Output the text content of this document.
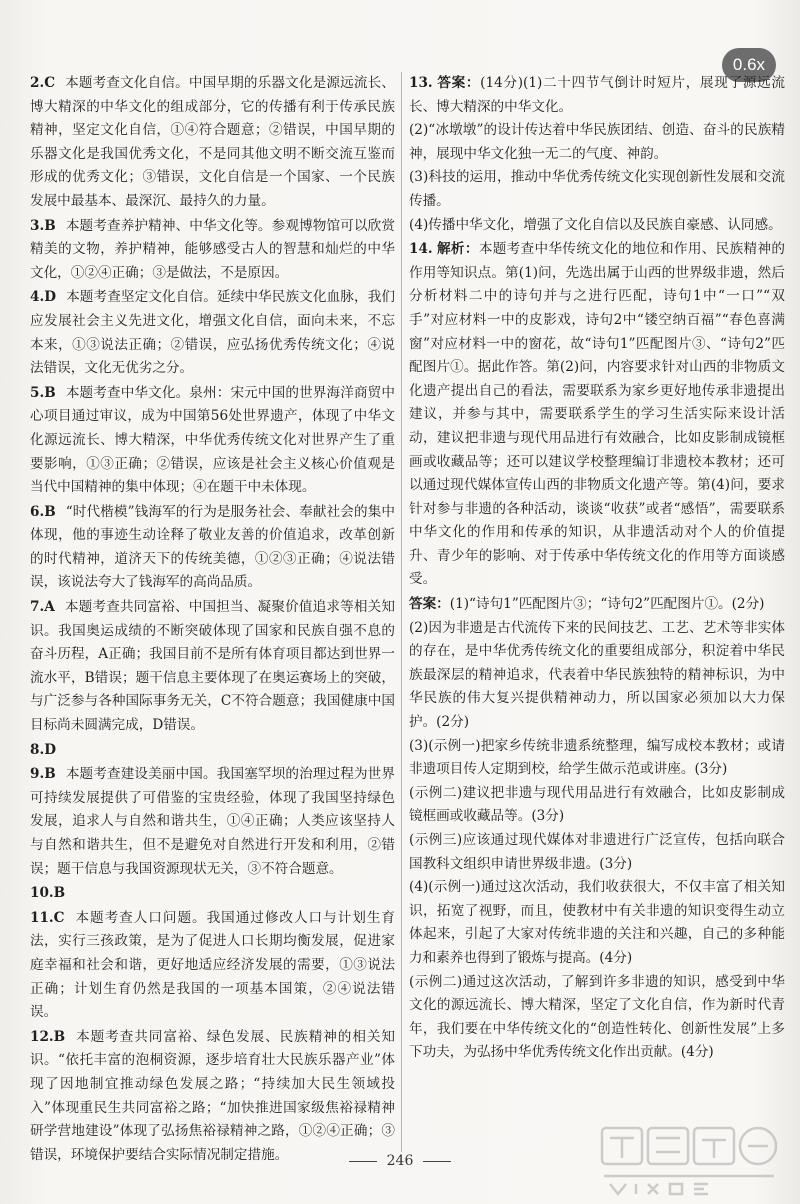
0.6x
2.C 本题考查文化自信。中国早期的乐器文化是源远流长、博大精深的中华文化的组成部分，它的传播有利于传承民族精神，坚定文化自信，①④符合题意；②错误，中国早期的乐器文化是我国优秀文化，不是同其他文明不断交流互鉴而形成的优秀文化；③错误，文化自信是一个国家、一个民族发展中最基本、最深沉、最持久的力量。
3.B 本题考查养护精神、中华文化等。参观博物馆可以欣赏精美的文物，养护精神，能够感受古人的智慧和灿烂的中华文化，①②④正确；③是做法，不是原因。
4.D 本题考查坚定文化自信。延续中华民族文化血脉，我们应发展社会主义先进文化，增强文化自信，面向未来，不忘本来，①③说法正确；②错误，应弘扬优秀传统文化；④说法错误，文化无优劣之分。
5.B 本题考查中华文化。泉州：宋元中国的世界海洋商贸中心项目通过审议，成为中国第56处世界遗产，体现了中华文化源远流长、博大精深，中华优秀传统文化对世界产生了重要影响，①③正确；②错误，应该是社会主义核心价值观是当代中国精神的集中体现；④在题干中未体现。
6.B “时代楷模”钱海军的行为是服务社会、奉献社会的集中体现，他的事迹生动诠释了敬业友善的价值追求，改革创新的时代精神，道济天下的传统美德，①②③正确；④说法错误，该说法夸大了钱海军的高尚品质。
7.A 本题考查共同富裕、中国担当、凝聚价值追求等相关知识。我国奥运成绩的不断突破体现了国家和民族自强不息的奋斗历程，A正确；我国目前不是所有体育项目都达到世界一流水平，B错误；题干信息主要体现了在奥运赛场上的突破，与广泛参与各种国际事务无关，C不符合题意；我国健康中国目标尚未圆满完成，D错误。
8.D
9.B 本题考查建设美丽中国。我国塞罕坝的治理过程为世界可持续发展提供了可借鉴的宝贵经验，体现了我国坚持绿色发展，追求人与自然和谐共生，①④正确；人类应该坚持人与自然和谐共生，但不是避免对自然进行开发和利用，②错误；题干信息与我国资源现状无关，③不符合题意。
10.B
11.C 本题考查人口问题。我国通过修改人口与计划生育法，实行三孩政策，是为了促进人口长期均衡发展，促进家庭幸福和社会和谐，更好地适应经济发展的需要，①③说法正确；计划生育仍然是我国的一项基本国策，②④说法错误。
12.B 本题考查共同富裕、绿色发展、民族精神的相关知识。“依托丰富的泡桐资源，逐步培育壮大民族乐器产业”体现了因地制宜推动绿色发展之路；“持续加大民生领域投入”体现重民生共同富裕之路；“加快推进国家级焦裕禄精神研学营地建设”体现了弘扬焦裕禄精神之路，①②④正确；③错误，环境保护要结合实际情况制定措施。

13. 答案：(14分)(1)二十四节气倒计时短片，展现了源远流长、博大精深的中华文化。

(2)“冰墩墩”的设计传达着中华民族团结、创造、奋斗的民族精神，展现中华文化独一无二的气度、神韵。

(3)科技的运用，推动中华优秀传统文化实现创新性发展和交流传播。

(4)传播中华文化，增强了文化自信以及民族自豪感、认同感。

14. 解析：本题考查中华传统文化的地位和作用、民族精神的作用等知识点。第(1)问，先选出属于山西的世界级非遗，然后分析材料二中的诗句并与之进行匹配，诗句1中“一口”“双手”对应材料一中的皮影戏，诗句2中“镂空纳百福”“春色喜满窗”对应材料一中的窗花，故“诗句1”匹配图片③、“诗句2”匹配图片①。据此作答。第(2)问，内容要求针对山西的非物质文化遗产提出自己的看法，需要联系为家乡更好地传承非遗提出建议，并参与其中，需要联系学生的学习生活实际来设计活动，建议把非遗与现代用品进行有效融合，比如皮影制成镜框画或收藏品等；还可以建议学校整理编订非遗校本教材；还可以通过现代媒体宣传山西的非物质文化遗产等。第(4)问，要求针对参与非遗的各种活动，谈谈“收获”或者“感悟”，需要联系中华文化的作用和传承的知识，从非遗活动对个人的价值提升、青少年的影响、对于传承中华传统文化的作用等方面谈感受。

答案：(1)“诗句1”匹配图片③；“诗句2”匹配图片①。(2分)

(2)因为非遗是古代流传下来的民间技艺、工艺、艺术等非实体的存在，是中华优秀传统文化的重要组成部分，积淀着中华民族最深层的精神追求，代表着中华民族独特的精神标识，为中华民族的伟大复兴提供精神动力，所以国家必须加以大力保护。(2分)

(3)(示例一)把家乡传统非遗系统整理，编写成校本教材；或请非遗项目传人定期到校，给学生做示范或讲座。(3分)

(示例二)建议把非遗与现代用品进行有效融合，比如皮影制成镜框画或收藏品等。(3分)

(示例三)应该通过现代媒体对非遗进行广泛宣传，包括向联合国教科文组织申请世界级非遗。(3分)

(4)(示例一)通过这次活动，我们收获很大，不仅丰富了相关知识，拓宽了视野，而且，使教材中有关非遗的知识变得生动立体起来，引起了大家对传统非遗的关注和兴趣，自己的多种能力和素养也得到了锻炼与提高。(4分)

(示例二)通过这次活动，了解到许多非遗的知识，感受到中华文化的源远流长、博大精深，坚定了文化自信，作为新时代青年，我们要在中华传统文化的“创造性转化、创新性发展”上多下功夫，为弘扬中华优秀传统文化作出贡献。(4分)

246
